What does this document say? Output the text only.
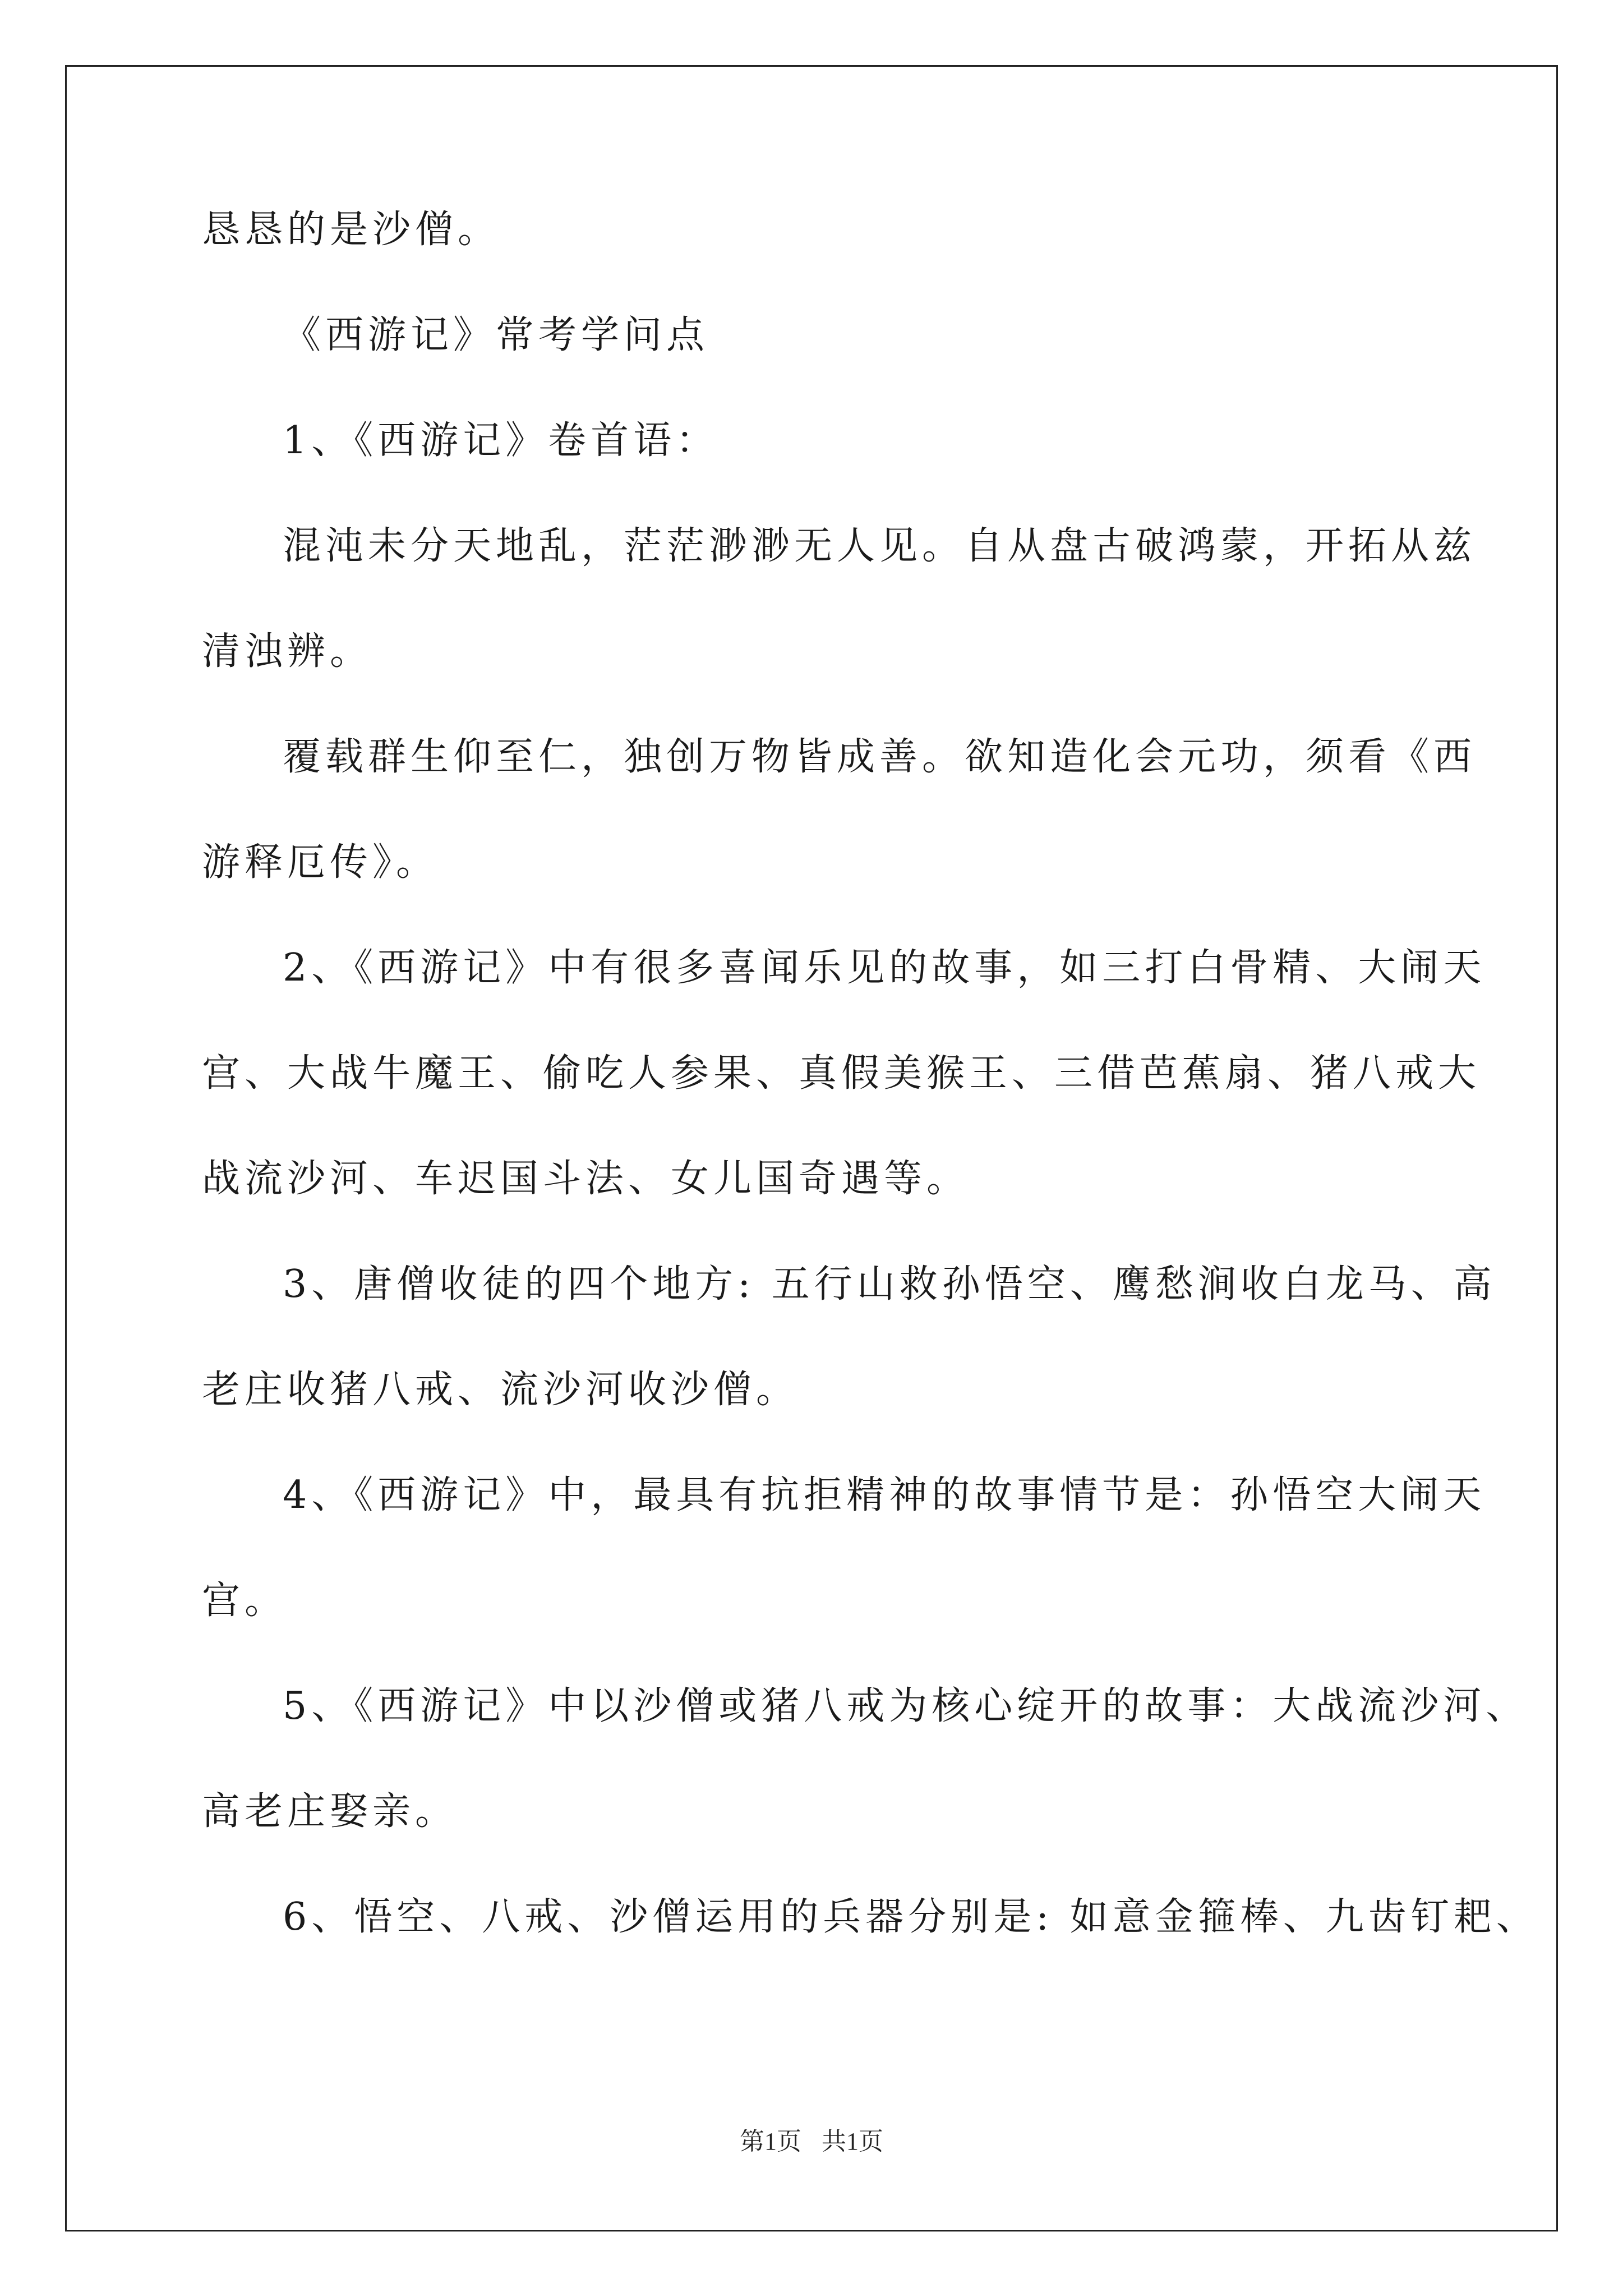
恳恳的是沙僧。
《西游记》常考学问点
1、《西游记》卷首语：
混沌未分天地乱，茫茫渺渺无人见。自从盘古破鸿蒙，开拓从兹
清浊辨。
覆载群生仰至仁，独创万物皆成善。欲知造化会元功，须看《西
游释厄传》。
2、《西游记》中有很多喜闻乐见的故事，如三打白骨精、大闹天
宫、大战牛魔王、偷吃人参果、真假美猴王、三借芭蕉扇、猪八戒大
战流沙河、车迟国斗法、女儿国奇遇等。
3、唐僧收徒的四个地方: 五行山救孙悟空、鹰愁涧收白龙马、高
老庄收猪八戒、流沙河收沙僧。
4、《西游记》中，最具有抗拒精神的故事情节是：孙悟空大闹天
宫。
5、《西游记》中以沙僧或猪八戒为核心绽开的故事：大战流沙河、
高老庄娶亲。
6、悟空、八戒、沙僧运用的兵器分别是: 如意金箍棒、九齿钉耙、
第1页 共1页
